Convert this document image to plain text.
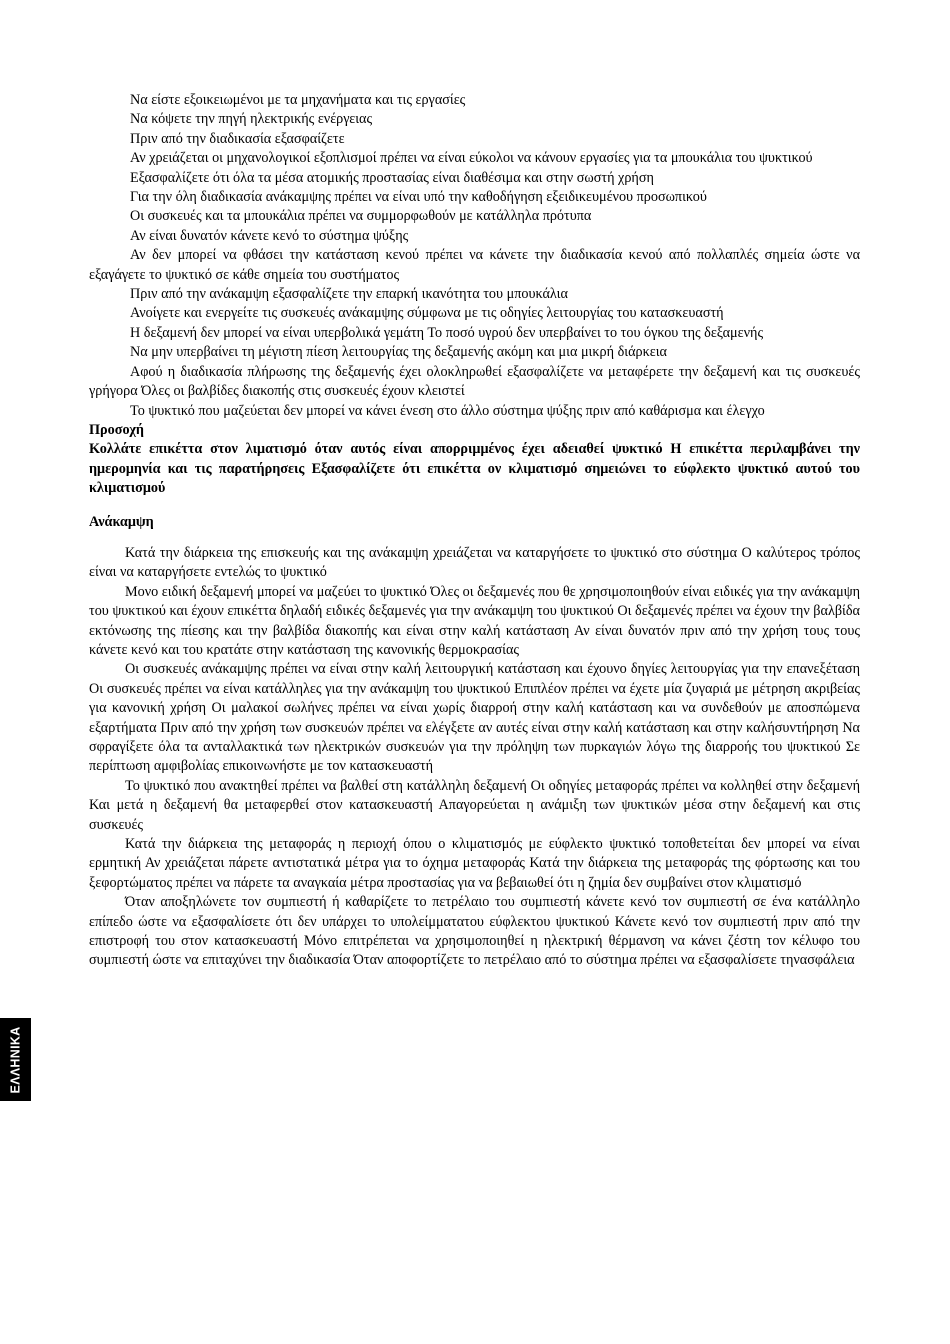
Να είστε εξοικειωμένοι με τα μηχανήματα και τις εργασίες
Να κόψετε την πηγή ηλεκτρικής ενέργειας
Πριν από την διαδικασία εξασφαίζετε
Αν χρειάζεται οι μηχανολογικοί εξοπλισμοί πρέπει να είναι εύκολοι να κάνουν εργασίες για τα μπουκάλια του ψυκτικού
Εξασφαλίζετε ότι όλα τα μέσα ατομικής προστασίας είναι διαθέσιμα και στην σωστή χρήση
Για την όλη διαδικασία ανάκαμψης πρέπει να είναι υπό την καθοδήγηση εξειδικευμένου προσωπικού
Οι συσκευές και τα μπουκάλια πρέπει να συμμορφωθούν με κατάλληλα πρότυπα
Αν είναι δυνατόν κάνετε κενό το σύστημα ψύξης
Αν δεν μπορεί να φθάσει την κατάσταση κενού πρέπει να κάνετε την διαδικασία κενού από πολλαπλές σημεία ώστε να εξαγάγετε το ψυκτικό σε κάθε σημεία του συστήματος
Πριν από την ανάκαμψη εξασφαλίζετε την επαρκή ικανότητα του μπουκάλια
Ανοίγετε και ενεργείτε τις συσκευές ανάκαμψης σύμφωνα με τις οδηγίες λειτουργίας του κατασκευαστή
Η δεξαμενή δεν μπορεί να είναι υπερβολικά γεμάτη Το ποσό υγρού δεν υπερβαίνει το του όγκου της δεξαμενής
Να μην υπερβαίνει τη μέγιστη πίεση λειτουργίας της δεξαμενής ακόμη και μια μικρή διάρκεια
Αφού η διαδικασία πλήρωσης της δεξαμενής έχει ολοκληρωθεί εξασφαλίζετε να μεταφέρετε την δεξαμενή και τις συσκευές γρήγορα Όλες οι βαλβίδες διακοπής στις συσκευές έχουν κλειστεί
Το ψυκτικό που μαζεύεται δεν μπορεί να κάνει ένεση στο άλλο σύστημα ψύξης πριν από καθάρισμα και έλεγχο
Προσοχή
Κολλάτε επικέττα στον λιματισμό όταν αυτός είναι απορριμμένος έχει αδειαθεί ψυκτικό Η επικέττα περιλαμβάνει την ημερομηνία και τις παρατήρησεις Εξασφαλίζετε ότι επικέττα ον κλιματισμό σημειώνει το εύφλεκτο ψυκτικό αυτού του κλιματισμού
Ανάκαμψη
Κατά την διάρκεια της επισκευής και της ανάκαμψη χρειάζεται να καταργήσετε το ψυκτικό στο σύστημα Ο καλύτερος τρόπος είναι να καταργήσετε εντελώς το ψυκτικό
Μονο ειδική δεξαμενή μπορεί να μαζεύει το ψυκτικό Όλες οι δεξαμενές που θε χρησιμοποιηθούν είναι ειδικές για την ανάκαμψη του ψυκτικού και έχουν επικέττα δηλαδή ειδικές δεξαμενές για την ανάκαμψη του ψυκτικού Οι δεξαμενές πρέπει να έχουν την βαλβίδα εκτόνωσης της πίεσης και την βαλβίδα διακοπής και είναι στην καλή κατάσταση Αν είναι δυνατόν πριν από την χρήση τους τους κάνετε κενό και του κρατάτε στην κατάσταση της κανονικής θερμοκρασίας
Οι συσκευές ανάκαμψης πρέπει να είναι στην καλή λειτουργική κατάσταση και έχουνο δηγίες λειτουργίας για την επανεξέταση Οι συσκευές πρέπει να είναι κατάλληλες για την ανάκαμψη του ψυκτικού Επιπλέον πρέπει να έχετε μία ζυγαριά με μέτρηση ακριβείας για κανονική χρήση Οι μαλακοί σωλήνες πρέπει να είναι χωρίς διαρροή στην καλή κατάσταση και να συνδεθούν με αποσπώμενα εξαρτήματα Πριν από την χρήση των συσκευών πρέπει να ελέγξετε αν αυτές είναι στην καλή κατάσταση και στην καλήσυντήρηση Να σφραγίξετε όλα τα ανταλλακτικά των ηλεκτρικών συσκευών για την πρόληψη των πυρκαγιών λόγω της διαρροής του ψυκτικού Σε περίπτωση αμφιβολίας επικοινωνήστε με τον κατασκευαστή
Το ψυκτικό που ανακτηθεί πρέπει να βαλθεί στη κατάλληλη δεξαμενή Οι οδηγίες μεταφοράς πρέπει να κολληθεί στην δεξαμενή Και μετά η δεξαμενή θα μεταφερθεί στον κατασκευαστή Απαγορεύεται η ανάμιξη των ψυκτικών μέσα στην δεξαμενή και στις συσκευές
Κατά την διάρκεια της μεταφοράς η περιοχή όπου ο κλιματισμός με εύφλεκτο ψυκτικό τοποθετείται δεν μπορεί να είναι ερμητική Αν χρειάζεται πάρετε αντιστατικά μέτρα για το όχημα μεταφοράς Κατά την διάρκεια της μεταφοράς της φόρτωσης και του ξεφορτώματος πρέπει να πάρετε τα αναγκαία μέτρα προστασίας για να βεβαιωθεί ότι η ζημία δεν συμβαίνει στον κλιματισμό
Όταν αποξηλώνετε τον συμπιεστή ή καθαρίζετε το πετρέλαιο του συμπιεστή κάνετε κενό τον συμπιεστή σε ένα κατάλληλο επίπεδο ώστε να εξασφαλίσετε ότι δεν υπάρχει το υπολείμματατου εύφλεκτου ψυκτικού Κάνετε κενό τον συμπιεστή πριν από την επιστροφή του στον κατασκευαστή Μόνο επιτρέπεται να χρησιμοποιηθεί η ηλεκτρική θέρμανση να κάνει ζέστη τον κέλυφο του συμπιεστή ώστε να επιταχύνει την διαδικασία Όταν αποφορτίζετε το πετρέλαιο από το σύστημα πρέπει να εξασφαλίσετε τηνασφάλεια
ΕΛΛΗΝΙΚΑ
